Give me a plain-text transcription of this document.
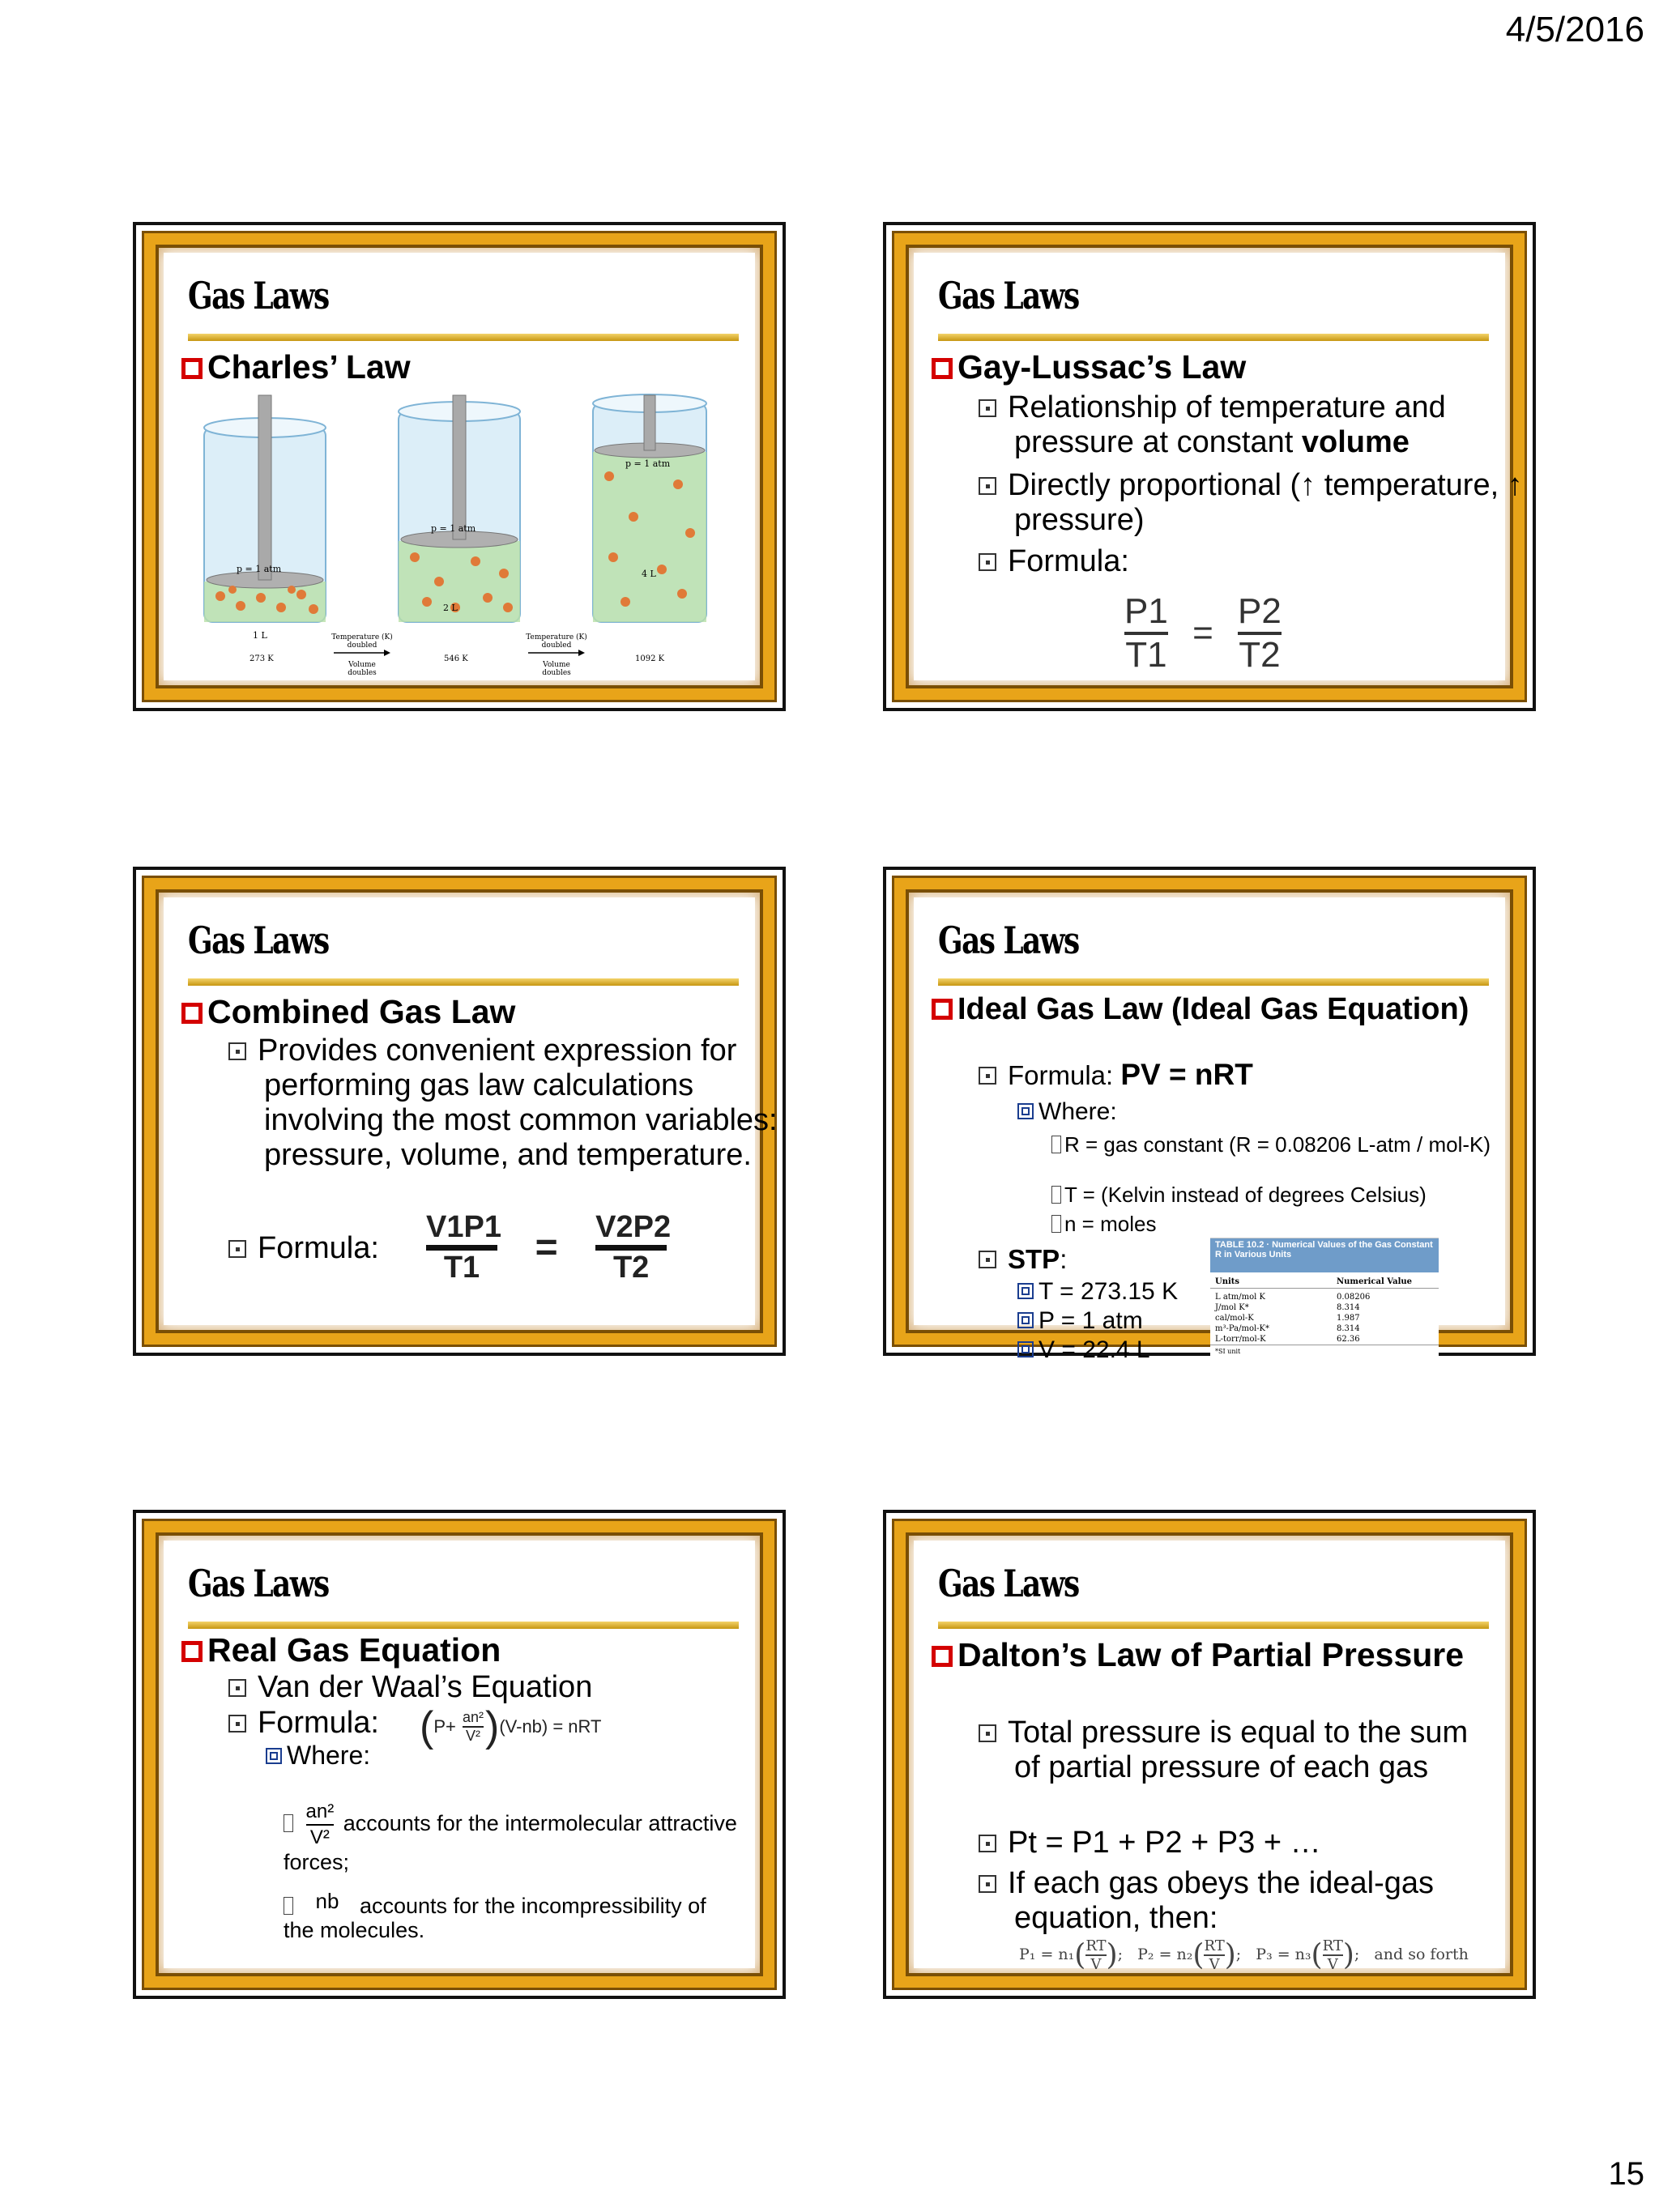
4/5/2016
Gas Laws
Charles’ Law
p = 1 atm
p = 1 atm
p = 1 atm
1 L
2 L
4 L
273 K	546 K	1092 K
Temperature (K) doubled
Volume doubles
Temperature (K) doubled
Volume doubles
Gas Laws
Gay-Lussac’s Law
Relationship of temperature and pressure at constant volume
Directly proportional (↑ temperature, ↑ pressure)
Formula:
$\frac{P1}{T1} = \frac{P2}{T2}$
Gas Laws
Combined Gas Law
Provides convenient expression for performing gas law calculations involving the most common variables: pressure, volume, and temperature.
Formula:
V1P1
T1	= V2P2
T2
Gas Laws
Ideal Gas Law (Ideal Gas Equation)
Formula: PV = nRT
Where:
R = gas constant (R = 0.08206 L-atm / mol-K)
T = (Kelvin instead of degrees Celsius)
n = moles
STP:
T = 273.15 K
P = 1 atm
V = 22.4 L
TABLE 10.2 · Numerical Values of the Gas Constant R in Various Units
Units	Numerical Value
L atm/mol K	0.08206
J/mol K*	8.314
cal/mol-K	1.987
m³-Pa/mol-K*	8.314
L-torr/mol-K	62.36
*SI unit
Gas Laws
Real Gas Equation
Van der Waal’s Equation
Formula: $(P+ \frac{\text{an²}}{\text{V²}} )(V-nb)$ = nRT
Where:

$\frac{\text{an²}}{\text{V²}}$ accounts for the intermolecular attractive forces;
nb accounts for the incompressibility of the molecules.
Gas Laws
Dalton’s Law of Partial Pressure
Total pressure is equal to the sum of partial pressure of each gas
Pt = P1 + P2 + P3 + …
If each gas obeys the ideal-gas equation, then:
$P_1 = n_1( \frac{RT}{V}$ ); $P_2 = n_2( \frac{RT}{V}$ ); $P_3 = n_3( \frac{RT}{V}$ ); and so forth
15
